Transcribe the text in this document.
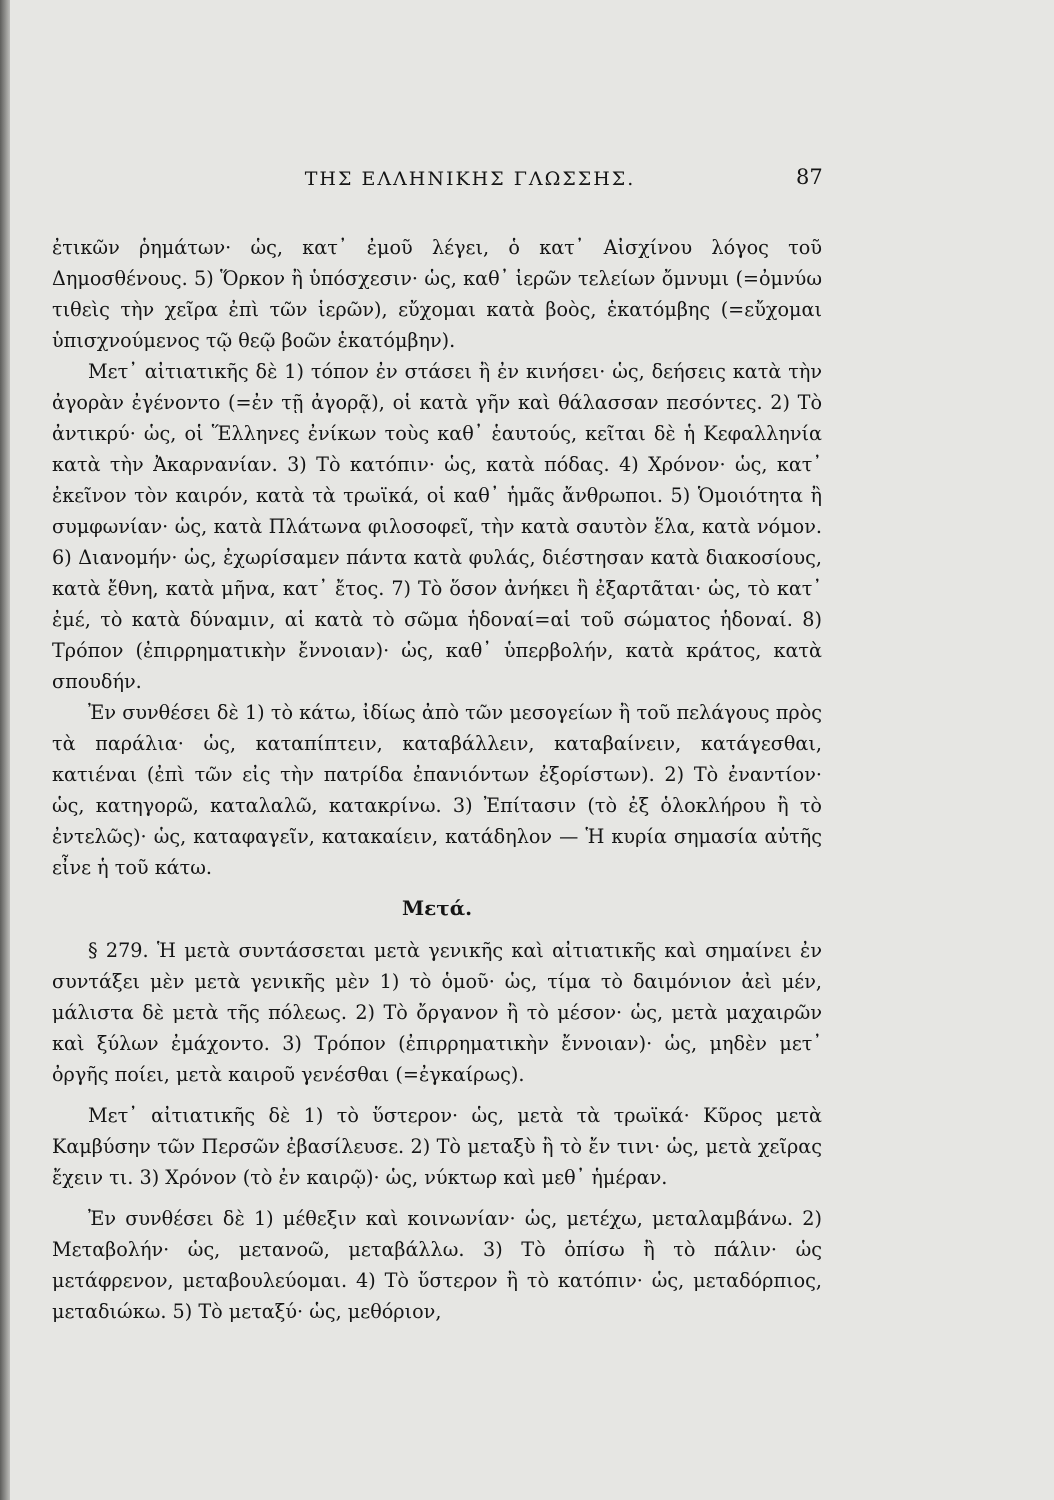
ΤΗΣ ΕΛΛΗΝΙΚΗΣ ΓΛΩΣΣΗΣ.	87

ἐτικῶν ῥημάτων· ὡς, κατ᾽ ἐμοῦ λέγει, ὁ κατ᾽ Αἰσχίνου λόγος τοῦ Δημοσθένους. 5) Ὅρκον ἢ ὑπόσχεσιν· ὡς, καθ᾽ ἱερῶν τελείων ὄμνυμι (=ὀμνύω τιθεὶς τὴν χεῖρα ἐπὶ τῶν ἱερῶν), εὔχομαι κατὰ βοὸς, ἑκατόμβης (=εὔχομαι ὑπισχνούμενος τῷ θεῷ βοῶν ἑκατόμβην).

Μετ᾽ αἰτιατικῆς δὲ 1) τόπον ἐν στάσει ἢ ἐν κινήσει· ὡς, δεήσεις κατὰ τὴν ἀγορὰν ἐγένοντο (=ἐν τῇ ἀγορᾷ), οἱ κατὰ γῆν καὶ θάλασσαν πεσόντες. 2) Τὸ ἀντικρύ· ὡς, οἱ Ἕλληνες ἐνίκων τοὺς καθ᾽ ἑαυτούς, κεῖται δὲ ἡ Κεφαλληνία κατὰ τὴν Ἀκαρνανίαν. 3) Τὸ κατόπιν· ὡς, κατὰ πόδας. 4) Χρόνον· ὡς, κατ᾽ ἐκεῖνον τὸν καιρόν, κατὰ τὰ τρωϊκά, οἱ καθ᾽ ἡμᾶς ἄνθρωποι. 5) Ὁμοιότητα ἢ συμφωνίαν· ὡς, κατὰ Πλάτωνα φιλοσοφεῖ, τὴν κατὰ σαυτὸν ἕλα, κατὰ νόμον. 6) Διανομήν· ὡς, ἐχωρίσαμεν πάντα κατὰ φυλάς, διέστησαν κατὰ διακοσίους, κατὰ ἔθνη, κατὰ μῆνα, κατ᾽ ἔτος. 7) Τὸ ὅσον ἀνήκει ἢ ἐξαρτᾶται· ὡς, τὸ κατ᾽ ἐμέ, τὸ κατὰ δύναμιν, αἱ κατὰ τὸ σῶμα ἡδοναί=αἱ τοῦ σώματος ἡδοναί. 8) Τρόπον (ἐπιρρηματικὴν ἔννοιαν)· ὡς, καθ᾽ ὑπερβολήν, κατὰ κράτος, κατὰ σπουδήν.

Ἐν συνθέσει δὲ 1) τὸ κάτω, ἰδίως ἀπὸ τῶν μεσογείων ἢ τοῦ πελάγους πρὸς τὰ παράλια· ὡς, καταπίπτειν, καταβάλλειν, καταβαίνειν, κατάγεσθαι, κατιέναι (ἐπὶ τῶν εἰς τὴν πατρίδα ἐπανιόντων ἐξορίστων). 2) Τὸ ἐναντίον· ὡς, κατηγορῶ, καταλαλῶ, κατακρίνω. 3) Ἐπίτασιν (τὸ ἐξ ὁλοκλήρου ἢ τὸ ἐντελῶς)· ὡς, καταφαγεῖν, κατακαίειν, κατάδηλον — Ἡ κυρία σημασία αὐτῆς εἶνε ἡ τοῦ κάτω.

Μετά.

§ 279. Ἡ μετὰ συντάσσεται μετὰ γενικῆς καὶ αἰτιατικῆς καὶ σημαίνει ἐν συντάξει μὲν μετὰ γενικῆς μὲν 1) τὸ ὁμοῦ· ὡς, τίμα τὸ δαιμόνιον ἀεὶ μέν, μάλιστα δὲ μετὰ τῆς πόλεως. 2) Τὸ ὄργανον ἢ τὸ μέσον· ὡς, μετὰ μαχαιρῶν καὶ ξύλων ἐμάχοντο. 3) Τρόπον (ἐπιρρηματικὴν ἔννοιαν)· ὡς, μηδὲν μετ᾽ ὀργῆς ποίει, μετὰ καιροῦ γενέσθαι (=ἐγκαίρως).

Μετ᾽ αἰτιατικῆς δὲ 1) τὸ ὕστερον· ὡς, μετὰ τὰ τρωϊκά· Κῦρος μετὰ Καμβύσην τῶν Περσῶν ἐβασίλευσε. 2) Τὸ μεταξὺ ἢ τὸ ἔν τινι· ὡς, μετὰ χεῖρας ἔχειν τι. 3) Χρόνον (τὸ ἐν καιρῷ)· ὡς, νύκτωρ καὶ μεθ᾽ ἡμέραν.

Ἐν συνθέσει δὲ 1) μέθεξιν καὶ κοινωνίαν· ὡς, μετέχω, μεταλαμβάνω. 2) Μεταβολήν· ὡς, μετανοῶ, μεταβάλλω. 3) Τὸ ὀπίσω ἢ τὸ πάλιν· ὡς μετάφρενον, μεταβουλεύομαι. 4) Τὸ ὕστερον ἢ τὸ κατόπιν· ὡς, μεταδόρπιος, μεταδιώκω. 5) Τὸ μεταξύ· ὡς, μεθόριον,
